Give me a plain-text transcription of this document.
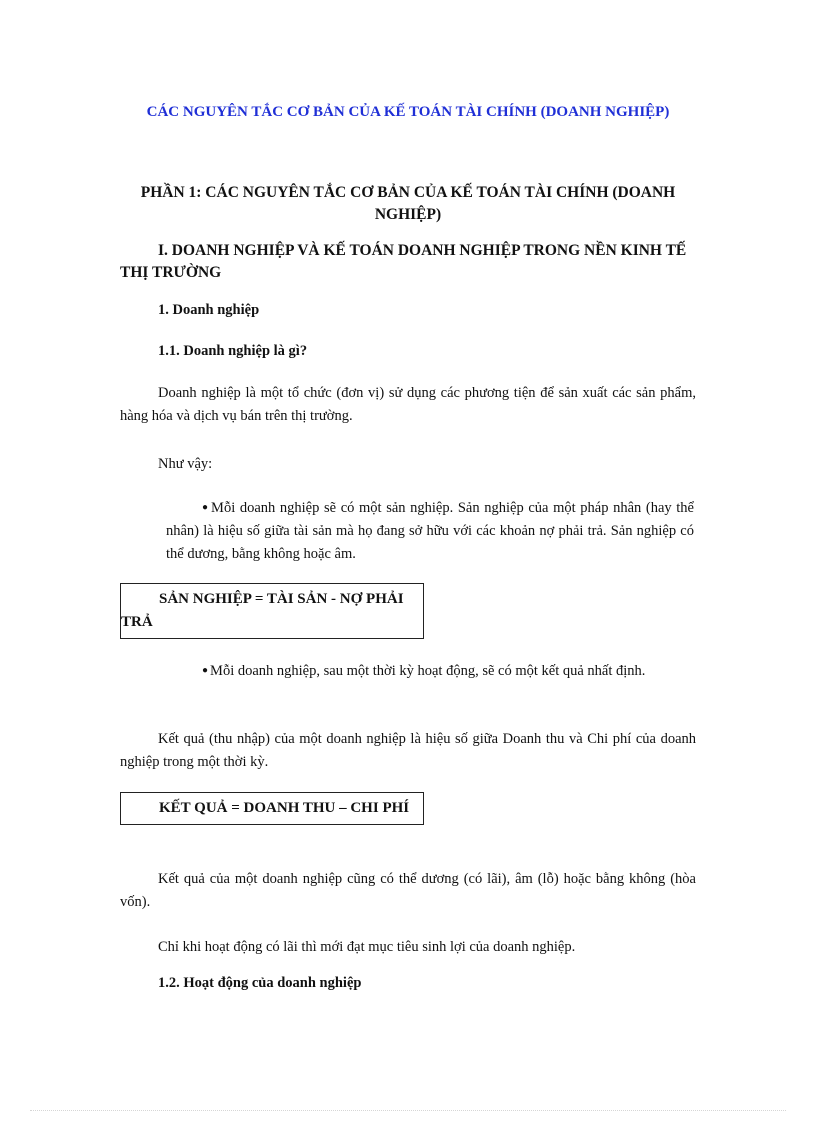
CÁC NGUYÊN TẮC CƠ BẢN CỦA KẾ TOÁN TÀI CHÍNH (DOANH NGHIỆP)
PHẦN 1: CÁC NGUYÊN TẮC CƠ BẢN CỦA KẾ TOÁN TÀI CHÍNH (DOANH NGHIỆP)
I. DOANH NGHIỆP VÀ KẾ TOÁN DOANH NGHIỆP TRONG NỀN KINH TẾ THỊ TRƯỜNG
1. Doanh nghiệp
1.1. Doanh nghiệp là gì?

Doanh nghiệp là một tổ chức (đơn vị) sử dụng các phương tiện để sản xuất các sản phẩm, hàng hóa và dịch vụ bán trên thị trường.

Như vậy:

● Mỗi doanh nghiệp sẽ có một sản nghiệp. Sản nghiệp của một pháp nhân (hay thể nhân) là hiệu số giữa tài sản mà họ đang sở hữu với các khoản nợ phải trả. Sản nghiệp có thể dương, bằng không hoặc âm.

SẢN NGHIỆP = TÀI SẢN - NỢ PHẢI TRẢ

● Mỗi doanh nghiệp, sau một thời kỳ hoạt động, sẽ có một kết quả nhất định.

Kết quả (thu nhập) của một doanh nghiệp là hiệu số giữa Doanh thu và Chi phí của doanh nghiệp trong một thời kỳ.

KẾT QUẢ = DOANH THU – CHI PHÍ

Kết quả của một doanh nghiệp cũng có thể dương (có lãi), âm (lỗ) hoặc bằng không (hòa vốn).

Chỉ khi hoạt động có lãi thì mới đạt mục tiêu sinh lợi của doanh nghiệp.

1.2. Hoạt động của doanh nghiệp
